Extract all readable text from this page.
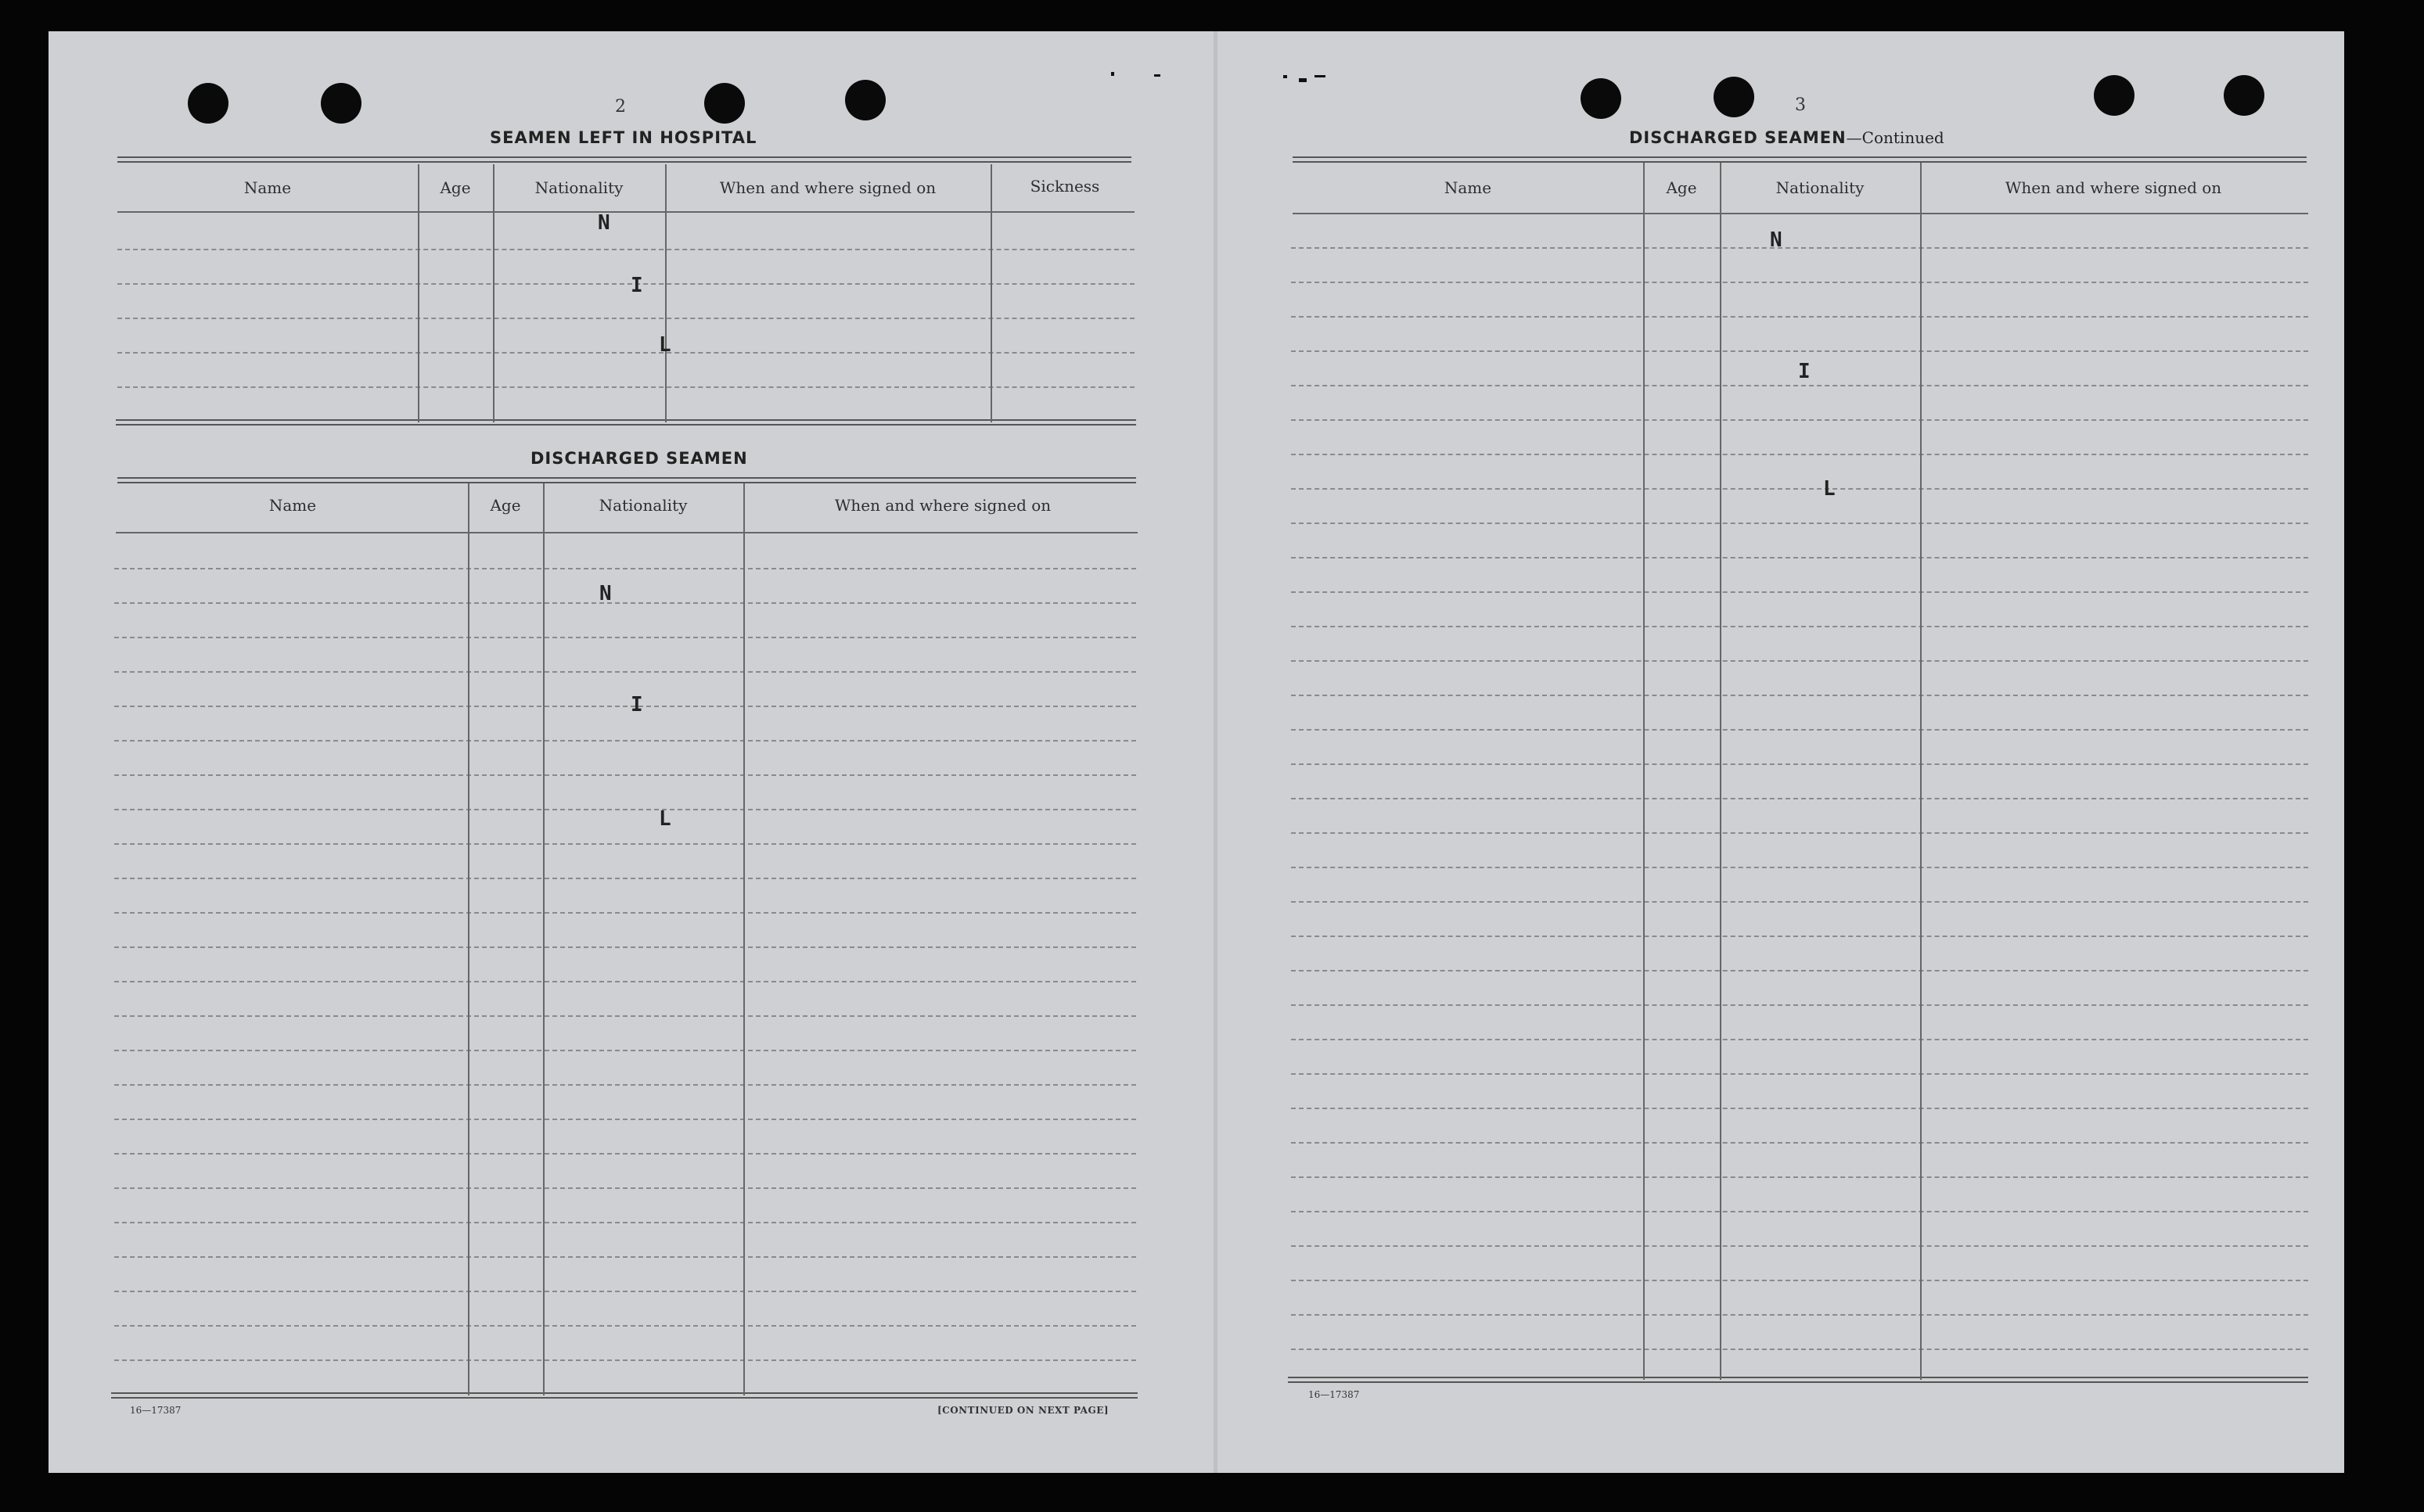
2
SEAMEN LEFT IN HOSPITAL
Name	Age	Nationality	When and where signed on	Sickness
N
I
L
DISCHARGED SEAMEN
Name	Age	Nationality	When and where signed on
N
I
L
16—17387	[CONTINUED ON NEXT PAGE]
3
DISCHARGED SEAMEN—Continued
Name	Age	Nationality	When and where signed on
N
I
L
16—17387
